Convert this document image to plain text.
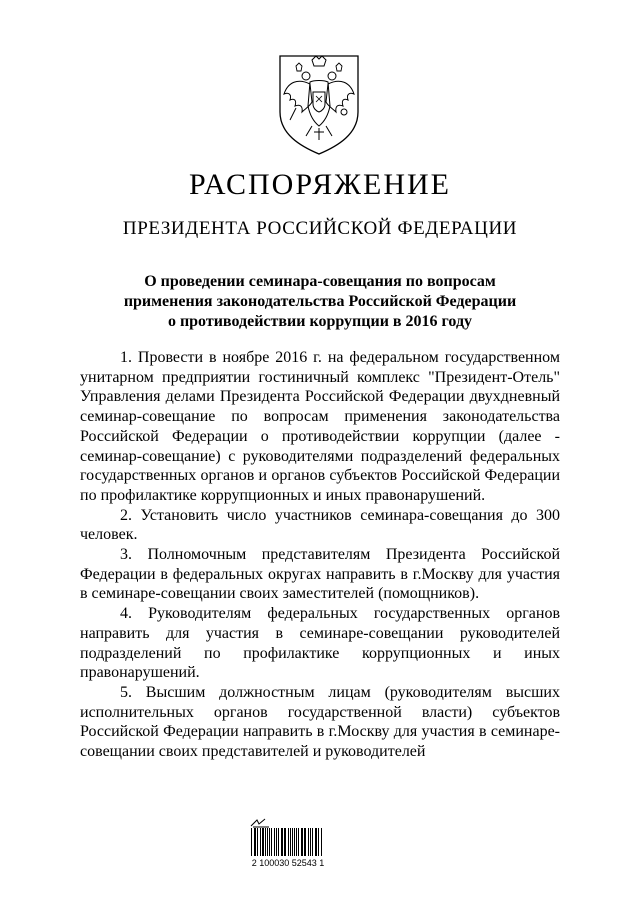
РАСПОРЯЖЕНИЕ
ПРЕЗИДЕНТА РОССИЙСКОЙ ФЕДЕРАЦИИ
О проведении семинара-совещания по вопросам
применения законодательства Российской Федерации
о противодействии коррупции в 2016 году

1. Провести в ноябре 2016 г. на федеральном государственном унитарном предприятии гостиничный комплекс "Президент-Отель" Управления делами Президента Российской Федерации двухдневный семинар-совещание по вопросам применения законодательства Российской Федерации о противодействии коррупции (далее - семинар-совещание) с руководителями подразделений федеральных государственных органов и органов субъектов Российской Федерации по профилактике коррупционных и иных правонарушений.

2. Установить число участников семинара-совещания до 300 человек.

3. Полномочным представителям Президента Российской Федерации в федеральных округах направить в г.Москву для участия в семинаре-совещании своих заместителей (помощников).

4. Руководителям федеральных государственных органов направить для участия в семинаре-совещании руководителей подразделений по профилактике коррупционных и иных правонарушений.

5. Высшим должностным лицам (руководителям высших исполнительных органов государственной власти) субъектов Российской Федерации направить в г.Москву для участия в семинаре-совещании своих представителей и руководителей

2 100030 52543 1
